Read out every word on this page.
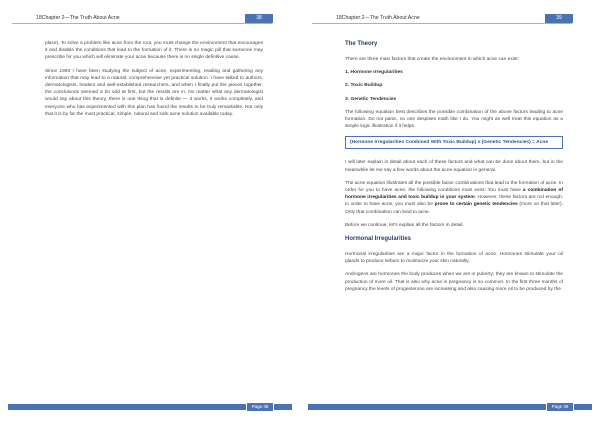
18Chapter 2—The Truth About Acne	38

place). To solve a problem like acne from the root, you must change the environment that encourages it and disable the conditions that lead to the formation of it. There is no magic pill that someone may prescribe for you which will eliminate your acne because there is no single definitive cause.

Since 1993 I have been studying the subject of acne, experimenting, reading and gathering any information that may lead to a natural, comprehensive yet practical solution. I have talked to authors, dermatologists, healers and well-established researchers, and when I finally put the pieces together, the conclusions seemed a bit odd at first, but the results are in. No matter what any dermatologist would say about this theory, there is one thing that is definite — it works, it works completely, and everyone who has experimented with this plan has found the results to be truly remarkable. Not only that it is by far the most practical, simple, natural and safe acne solution available today.

Page 38
18Chapter 2—The Truth About Acne	39
The Theory

There are three main factors that create the environment in which acne can exist:

1. Hormone Irregularities
2. Toxic Buildup
3. Genetic Tendencies

The following equation best describes the possible combination of the above factors leading to acne formation. Do not panic, no one despises math like I do. You might as well treat this equation as a simple logic illustration if it helps.

(Hormone Irregularities Combined With Toxic Buildup) x (Genetic Tendencies) = Acne

I will later explain in detail about each of these factors and what can be done about them, but in the meanwhile let me say a few words about the acne equation in general.

The acne equation illustrates all the possible factor combinations that lead to the formation of acne. In order for you to have acne, the following conditions must exist: You must have a combination of hormone irregularities and toxic buildup in your system. However, these factors are not enough. In order to have acne, you must also be prone to certain genetic tendencies (more on that later). Only that combination can lead to acne.

Before we continue, let's explain all the factors in detail.

Hormonal Irregularities

Hormonal irregularities are a major factor in the formation of acne. Hormones stimulate your oil glands to produce sebum to moisturize your skin naturally.

Androgens are hormones the body produces when we are in puberty; they are known to stimulate the production of more oil. That is also why acne in pregnancy is so common. In the first three months of pregnancy the levels of progesterone are increasing and also causing more oil to be produced by the

Page 39
